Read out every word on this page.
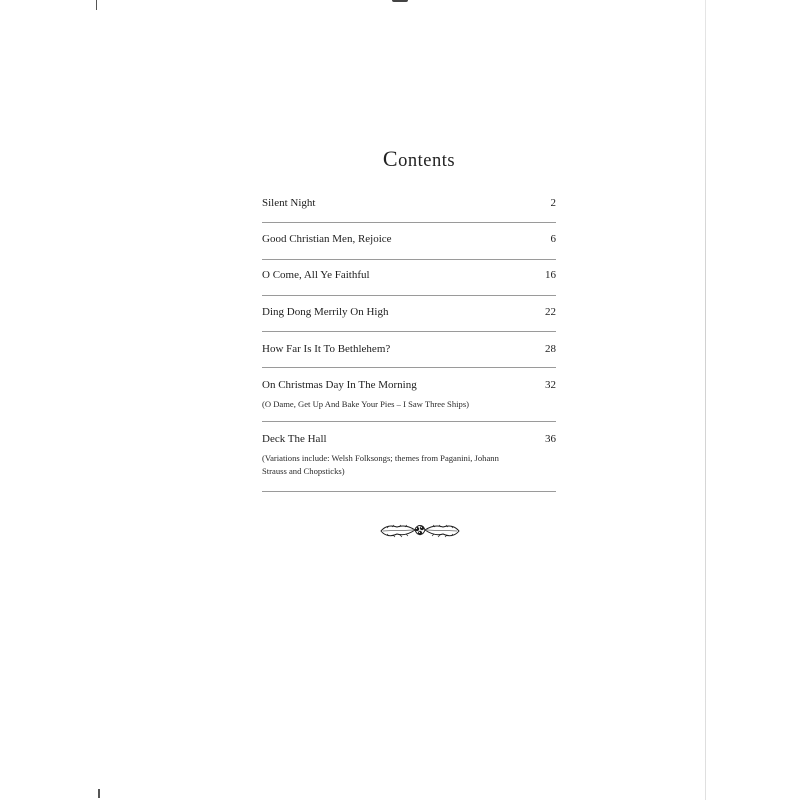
Contents
Silent Night	2
Good Christian Men, Rejoice	6
O Come, All Ye Faithful	16
Ding Dong Merrily On High	22
How Far Is It To Bethlehem?	28
On Christmas Day In The Morning	32
(O Dame, Get Up And Bake Your Pies – I Saw Three Ships)
Deck The Hall	36
(Variations include: Welsh Folksongs; themes from Paganini, Johann Strauss and Chopsticks)
